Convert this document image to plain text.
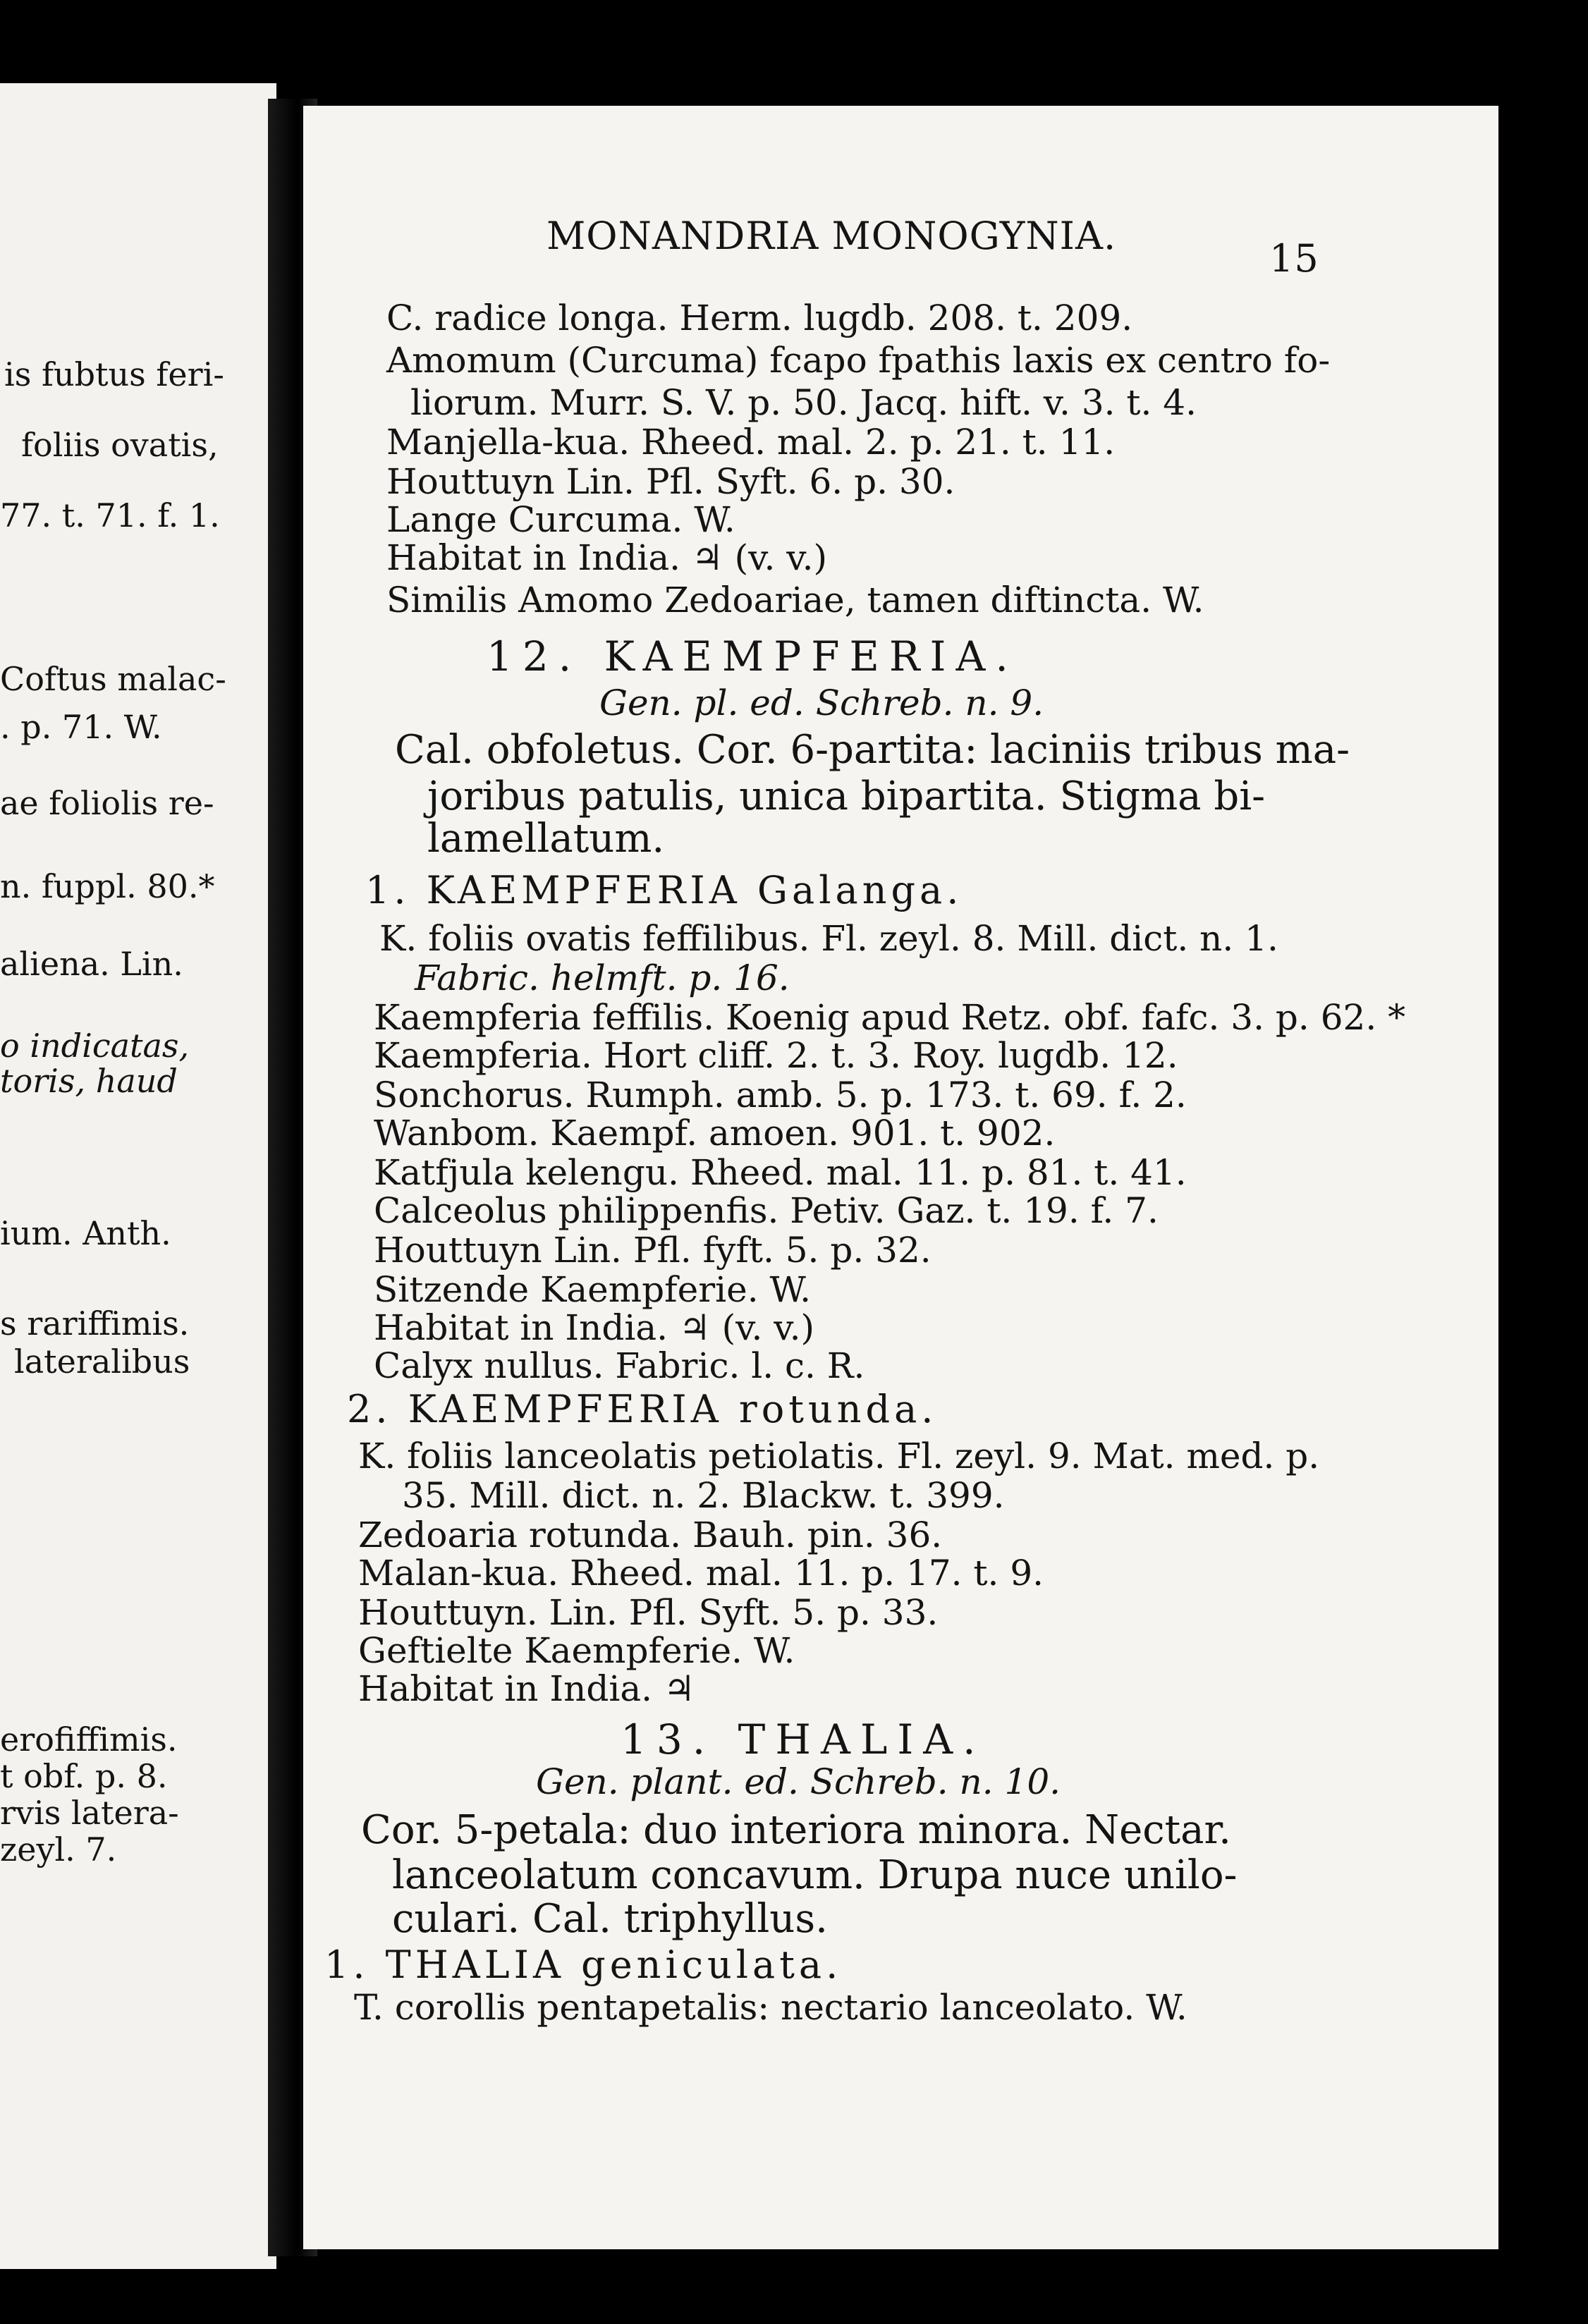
is fubtus feri-
foliis ovatis,
77. t. 71. f. 1.
Coftus malac-
. p. 71. W.
ae foliolis re-
n. fuppl. 80.*
aliena. Lin.
o indicatas,
toris, haud
ium. Anth.
s rariffimis.
lateralibus
erofiffimis.
t obf. p. 8.
rvis latera-
zeyl. 7.
MONANDRIA MONOGYNIA.
15
C. radice longa. Herm. lugdb. 208. t. 209.
Amomum (Curcuma) fcapo fpathis laxis ex centro fo-
liorum. Murr. S. V. p. 50. Jacq. hift. v. 3. t. 4.
Manjella-kua. Rheed. mal. 2. p. 21. t. 11.
Houttuyn Lin. Pfl. Syft. 6. p. 30.
Lange Curcuma. W.
Habitat in India. ♃ (v. v.)
Similis Amomo Zedoariae, tamen diftincta. W.
12. KAEMPFERIA.
Gen. pl. ed. Schreb. n. 9.
Cal. obfoletus. Cor. 6-partita: laciniis tribus ma-
joribus patulis, unica bipartita. Stigma bi-
lamellatum.
1. KAEMPFERIA Galanga.
K. foliis ovatis feffilibus. Fl. zeyl. 8. Mill. dict. n. 1.
Fabric. helmft. p. 16.
Kaempferia feffilis. Koenig apud Retz. obf. fafc. 3. p. 62. *
Kaempferia. Hort cliff. 2. t. 3. Roy. lugdb. 12.
Sonchorus. Rumph. amb. 5. p. 173. t. 69. f. 2.
Wanbom. Kaempf. amoen. 901. t. 902.
Katfjula kelengu. Rheed. mal. 11. p. 81. t. 41.
Calceolus philippenfis. Petiv. Gaz. t. 19. f. 7.
Houttuyn Lin. Pfl. fyft. 5. p. 32.
Sitzende Kaempferie. W.
Habitat in India. ♃ (v. v.)
Calyx nullus. Fabric. l. c. R.
2. KAEMPFERIA rotunda.
K. foliis lanceolatis petiolatis. Fl. zeyl. 9. Mat. med. p.
35. Mill. dict. n. 2. Blackw. t. 399.
Zedoaria rotunda. Bauh. pin. 36.
Malan-kua. Rheed. mal. 11. p. 17. t. 9.
Houttuyn. Lin. Pfl. Syft. 5. p. 33.
Geftielte Kaempferie. W.
Habitat in India. ♃
13. THALIA.
Gen. plant. ed. Schreb. n. 10.
Cor. 5-petala: duo interiora minora. Nectar.
lanceolatum concavum. Drupa nuce unilo-
culari. Cal. triphyllus.
1. THALIA geniculata.
T. corollis pentapetalis: nectario lanceolato. W.
